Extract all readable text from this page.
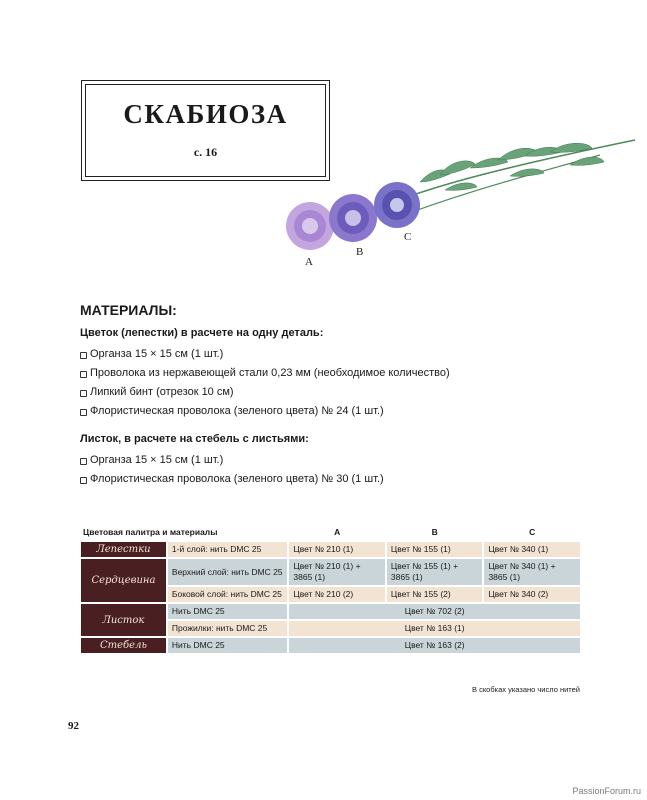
СКАБИОЗА
с. 16
A
B
C
МАТЕРИАЛЫ:
Цветок (лепестки) в расчете на одну деталь:
Органза 15 × 15 см (1 шт.)
Проволока из нержавеющей стали 0,23 мм (необходимое количество)
Липкий бинт (отрезок 10 см)
Флористическая проволока (зеленого цвета) № 24 (1 шт.)
Листок, в расчете на стебель с листьями:
Органза 15 × 15 см (1 шт.)
Флористическая проволока (зеленого цвета) № 30 (1 шт.)
Цветовая палитра и материалы		A	B	C
Лепестки	1-й слой: нить DMC 25	Цвет № 210 (1)	Цвет № 155 (1)	Цвет № 340 (1)
Сердцевина	Верхний слой: нить DMC 25	Цвет № 210 (1) + 3865 (1)	Цвет № 155 (1) + 3865 (1)	Цвет № 340 (1) + 3865 (1)
	Боковой слой: нить DMC 25	Цвет № 210 (2)	Цвет № 155 (2)	Цвет № 340 (2)
Листок	Нить DMC 25	Цвет № 702 (2)		
	Прожилки: нить DMC 25	Цвет № 163 (1)		
Стебель	Нить DMC 25	Цвет № 163 (2)		
В скобках указано число нитей
92
PassionForum.ru
